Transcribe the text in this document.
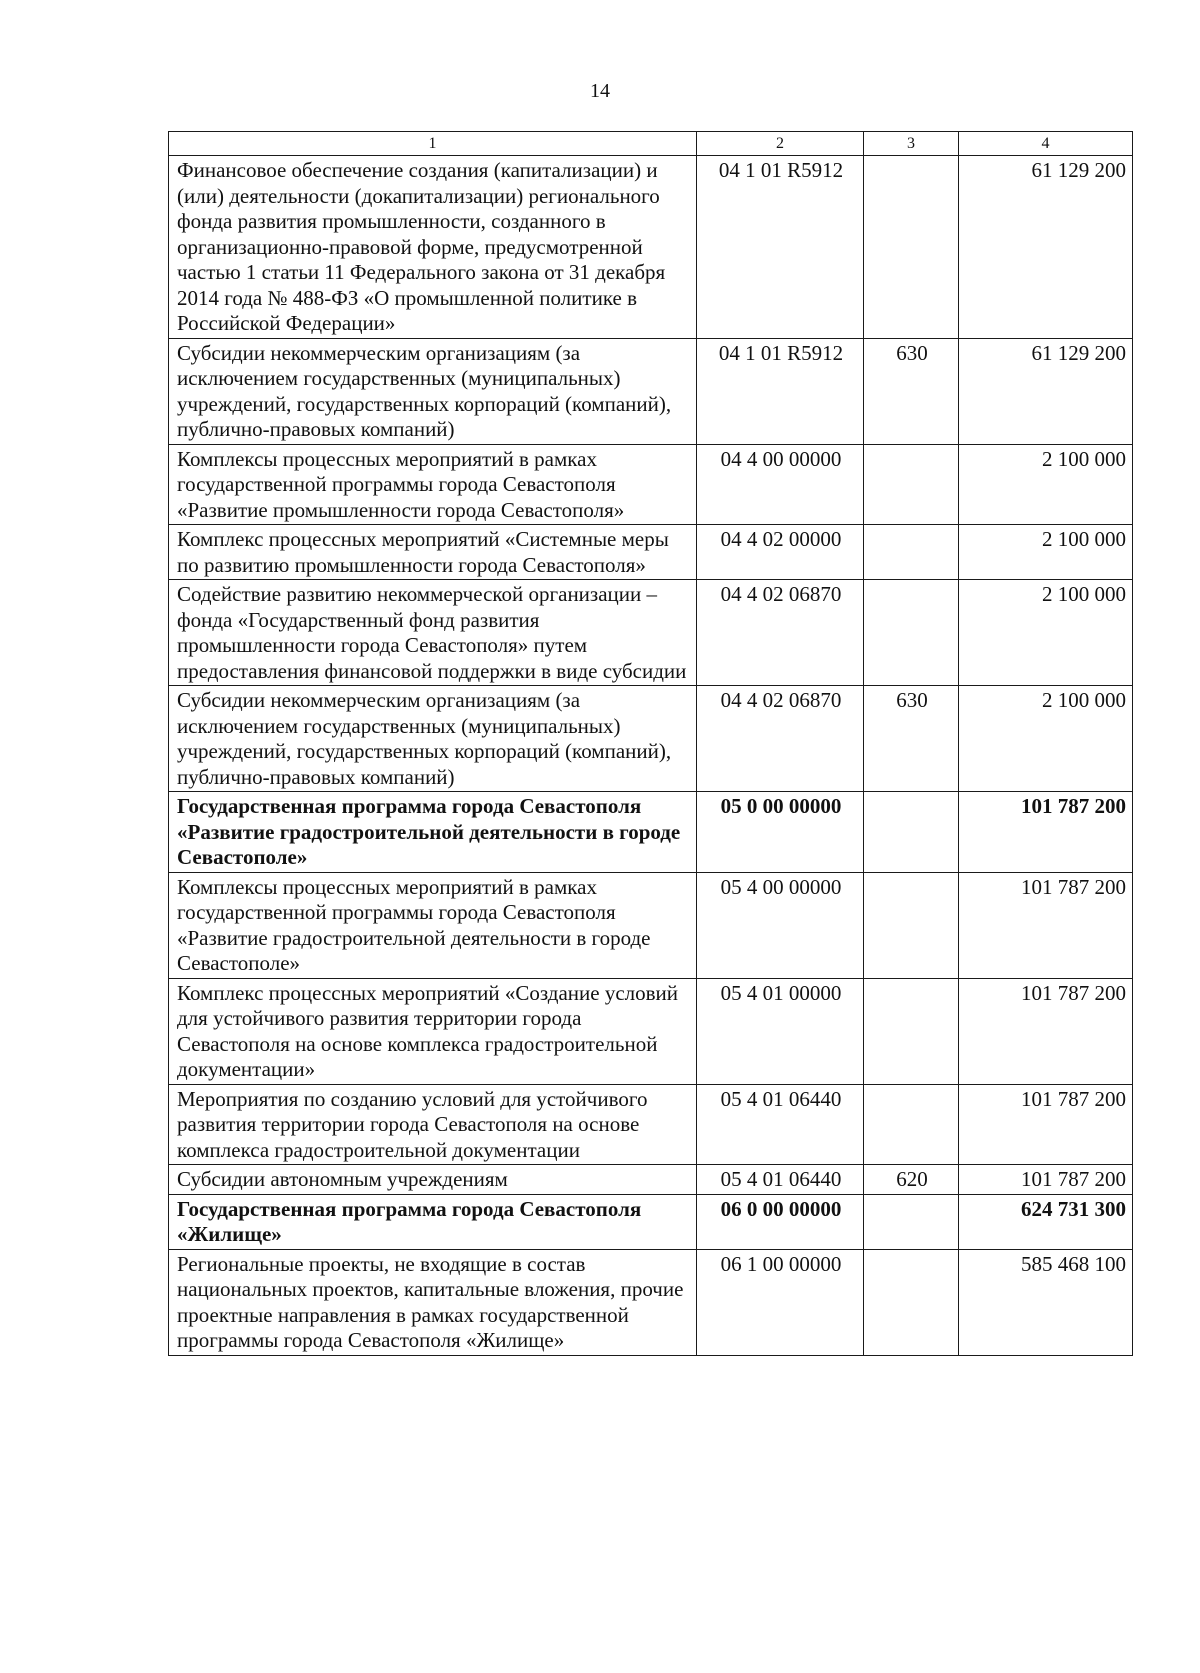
14
1	2	3	4
Финансовое обеспечение создания (капитализации) и (или) деятельности (докапитализации) регионального фонда развития промышленности, созданного в организационно-правовой форме, предусмотренной частью 1 статьи 11 Федерального закона от 31 декабря 2014 года № 488-ФЗ «О промышленной политике в Российской Федерации»	04 1 01 R5912		61 129 200
Субсидии некоммерческим организациям (за исключением государственных (муниципальных) учреждений, государственных корпораций (компаний), публично-правовых компаний)	04 1 01 R5912	630	61 129 200
Комплексы процессных мероприятий в рамках государственной программы города Севастополя «Развитие промышленности города Севастополя»	04 4 00 00000		2 100 000
Комплекс процессных мероприятий «Системные меры по развитию промышленности города Севастополя»	04 4 02 00000		2 100 000
Содействие развитию некоммерческой организации – фонда «Государственный фонд развития промышленности города Севастополя» путем предоставления финансовой поддержки в виде субсидии	04 4 02 06870		2 100 000
Субсидии некоммерческим организациям (за исключением государственных (муниципальных) учреждений, государственных корпораций (компаний), публично-правовых компаний)	04 4 02 06870	630	2 100 000
Государственная программа города Севастополя «Развитие градостроительной деятельности в городе Севастополе»	05 0 00 00000		101 787 200
Комплексы процессных мероприятий в рамках государственной программы города Севастополя «Развитие градостроительной деятельности в городе Севастополе»	05 4 00 00000		101 787 200
Комплекс процессных мероприятий «Создание условий для устойчивого развития территории города Севастополя на основе комплекса градостроительной документации»	05 4 01 00000		101 787 200
Мероприятия по созданию условий для устойчивого развития территории города Севастополя на основе комплекса градостроительной документации	05 4 01 06440		101 787 200
Субсидии автономным учреждениям	05 4 01 06440	620	101 787 200
Государственная программа города Севастополя «Жилище»	06 0 00 00000		624 731 300
Региональные проекты, не входящие в состав национальных проектов, капитальные вложения, прочие проектные направления в рамках государственной программы города Севастополя «Жилище»	06 1 00 00000		585 468 100
